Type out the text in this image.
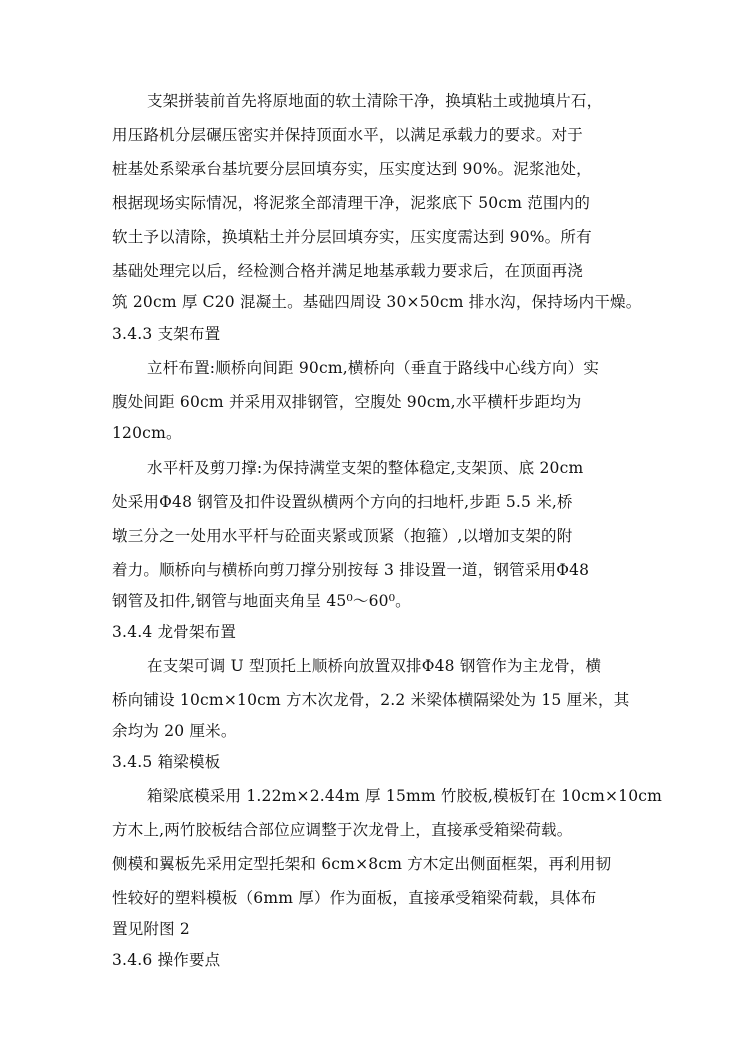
支架拼装前首先将原地面的软土清除干净，换填粘土或抛填片石，
用压路机分层碾压密实并保持顶面水平，以满足承载力的要求。对于
桩基处系梁承台基坑要分层回填夯实，压实度达到 90%。泥浆池处，
根据现场实际情况，将泥浆全部清理干净，泥浆底下 50cm 范围内的
软土予以清除，换填粘土并分层回填夯实，压实度需达到 90%。所有
基础处理完以后，经检测合格并满足地基承载力要求后，在顶面再浇
筑 20cm 厚 C20 混凝土。基础四周设 30×50cm 排水沟，保持场内干燥。
3.4.3 支架布置
立杆布置:顺桥向间距 90cm,横桥向（垂直于路线中心线方向）实
腹处间距 60cm 并采用双排钢管，空腹处 90cm,水平横杆步距均为
120cm。
水平杆及剪刀撑:为保持满堂支架的整体稳定,支架顶、底 20cm
处采用Φ48 钢管及扣件设置纵横两个方向的扫地杆,步距 5.5 米,桥
墩三分之一处用水平杆与砼面夹紧或顶紧（抱箍）,以增加支架的附
着力。顺桥向与横桥向剪刀撑分别按每 3 排设置一道，钢管采用Φ48
钢管及扣件,钢管与地面夹角呈 45⁰～60⁰。
3.4.4 龙骨架布置
在支架可调 U 型顶托上顺桥向放置双排Φ48 钢管作为主龙骨，横
桥向铺设 10cm×10cm 方木次龙骨，2.2 米梁体横隔梁处为 15 厘米，其
余均为 20 厘米。
3.4.5 箱梁模板
箱梁底模采用 1.22m×2.44m 厚 15mm 竹胶板,模板钉在 10cm×10cm
方木上,两竹胶板结合部位应调整于次龙骨上，直接承受箱梁荷载。
侧模和翼板先采用定型托架和 6cm×8cm 方木定出侧面框架，再利用韧
性较好的塑料模板（6mm 厚）作为面板，直接承受箱梁荷载，具体布
置见附图 2
3.4.6 操作要点
